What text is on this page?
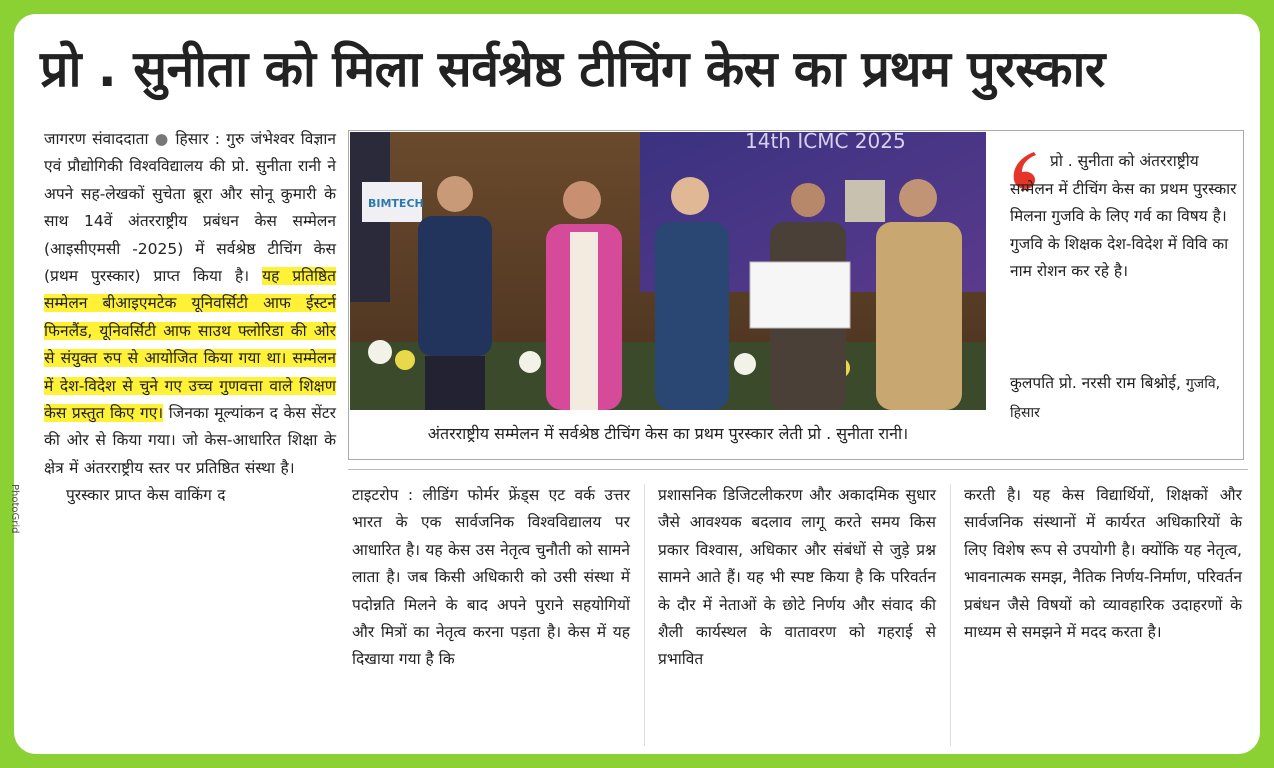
प्रो . सुनीता को मिला सर्वश्रेष्ठ टीचिंग केस का प्रथम पुरस्कार

जागरण संवाददाता ● हिसार : गुरु जंभेश्वर विज्ञान एवं प्रौद्योगिकी विश्वविद्यालय की प्रो. सुनीता रानी ने अपने सह-लेखकों सुचेता ब्रूरा और सोनू कुमारी के साथ 14वें अंतरराष्ट्रीय प्रबंधन केस सम्मेलन (आइसीएमसी -2025) में सर्वश्रेष्ठ टीचिंग केस (प्रथम पुरस्कार) प्राप्त किया है। यह प्रतिष्ठित सम्मेलन बीआइएमटेक यूनिवर्सिटी आफ ईस्टर्न फिनलैंड, यूनिवर्सिटी आफ साउथ फ्लोरिडा की ओर से संयुक्त रुप से आयोजित किया गया था। सम्मेलन में देश-विदेश से चुने गए उच्च गुणवत्ता वाले शिक्षण केस प्रस्तुत किए गए। जिनका मूल्यांकन द केस सेंटर की ओर से किया गया। जो केस-आधारित शिक्षा के क्षेत्र में अंतरराष्ट्रीय स्तर पर प्रतिष्ठित संस्था है।

पुरस्कार प्राप्त केस वाकिंग द

14th ICMC 2025
BIMTECH
अंतरराष्ट्रीय सम्मेलन में सर्वश्रेष्ठ टीचिंग केस का प्रथम पुरस्कार लेती प्रो . सुनीता रानी।
प्रो . सुनीता को अंतरराष्ट्रीय सम्मेलन में टीचिंग केस का प्रथम पुरस्कार मिलना गुजवि के लिए गर्व का विषय है। गुजवि के शिक्षक देश-विदेश में विवि का नाम रोशन कर रहे है।
कुलपति प्रो. नरसी राम बिश्नोई, गुजवि, हिसार

टाइटरोप : लीडिंग फोर्मर फ्रेंड्स एट वर्क उत्तर भारत के एक सार्वजनिक विश्वविद्यालय पर आधारित है। यह केस उस नेतृत्व चुनौती को सामने लाता है। जब किसी अधिकारी को उसी संस्था में पदोन्नति मिलने के बाद अपने पुराने सहयोगियों और मित्रों का नेतृत्व करना पड़ता है। केस में यह दिखाया गया है कि

प्रशासनिक डिजिटलीकरण और अकादमिक सुधार जैसे आवश्यक बदलाव लागू करते समय किस प्रकार विश्वास, अधिकार और संबंधों से जुड़े प्रश्न सामने आते हैं। यह भी स्पष्ट किया है कि परिवर्तन के दौर में नेताओं के छोटे निर्णय और संवाद की शैली कार्यस्थल के वातावरण को गहराई से प्रभावित

करती है। यह केस विद्यार्थियों, शिक्षकों और सार्वजनिक संस्थानों में कार्यरत अधिकारियों के लिए विशेष रूप से उपयोगी है। क्योंकि यह नेतृत्व, भावनात्मक समझ, नैतिक निर्णय-निर्माण, परिवर्तन प्रबंधन जैसे विषयों को व्यावहारिक उदाहरणों के माध्यम से समझने में मदद करता है।

PhotoGrid
